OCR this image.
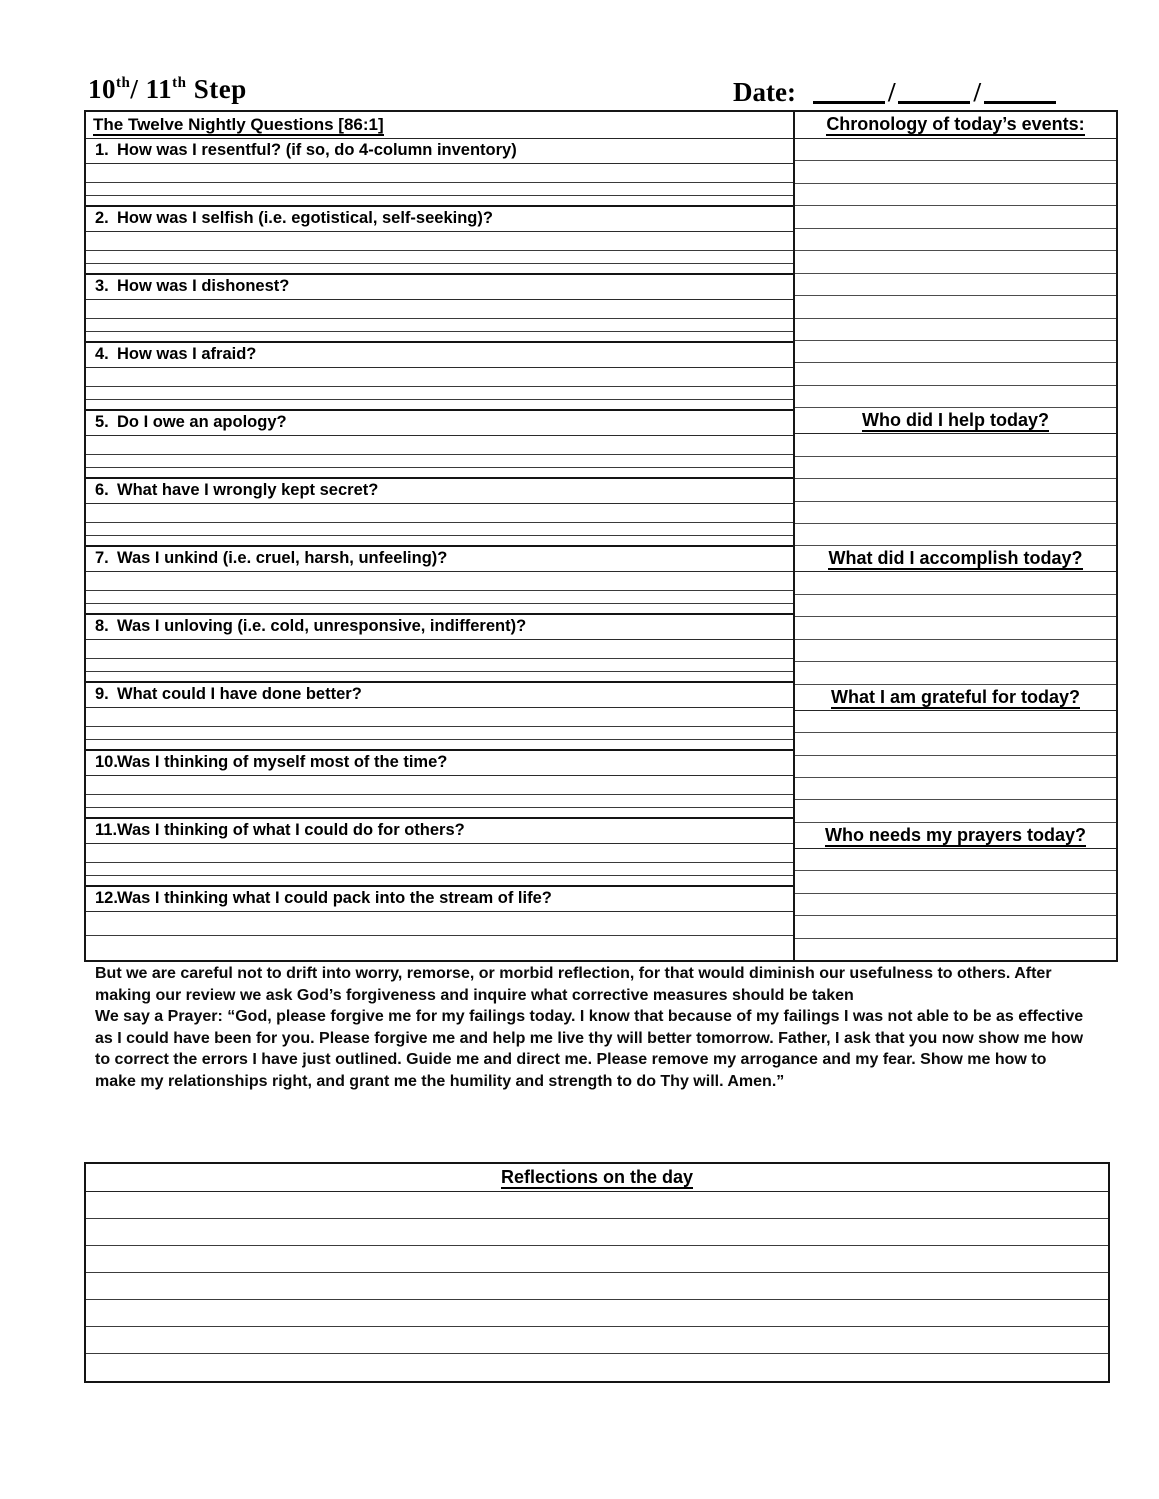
10th/ 11th Step	Date:	/	/
The Twelve Nightly Questions [86:1]
1. How was I resentful? (if so, do 4-column inventory)
2. How was I selfish (i.e. egotistical, self-seeking)?
3. How was I dishonest?
4. How was I afraid?
5. Do I owe an apology?
6. What have I wrongly kept secret?
7. Was I unkind (i.e. cruel, harsh, unfeeling)?
8. Was I unloving (i.e. cold, unresponsive, indifferent)?
9. What could I have done better?
10. Was I thinking of myself most of the time?
11. Was I thinking of what I could do for others?
12. Was I thinking what I could pack into the stream of life?
Chronology of today’s events:
Who did I help today?
What did I accomplish today?
What I am grateful for today?
Who needs my prayers today?

But we are careful not to drift into worry, remorse, or morbid reflection, for that would diminish our usefulness to others. After making our review we ask God’s forgiveness and inquire what corrective measures should be taken

We say a Prayer: “God, please forgive me for my failings today. I know that because of my failings I was not able to be as effective as I could have been for you. Please forgive me and help me live thy will better tomorrow. Father, I ask that you now show me how to correct the errors I have just outlined. Guide me and direct me. Please remove my arrogance and my fear. Show me how to make my relationships right, and grant me the humility and strength to do Thy will. Amen.”

Reflections on the day
